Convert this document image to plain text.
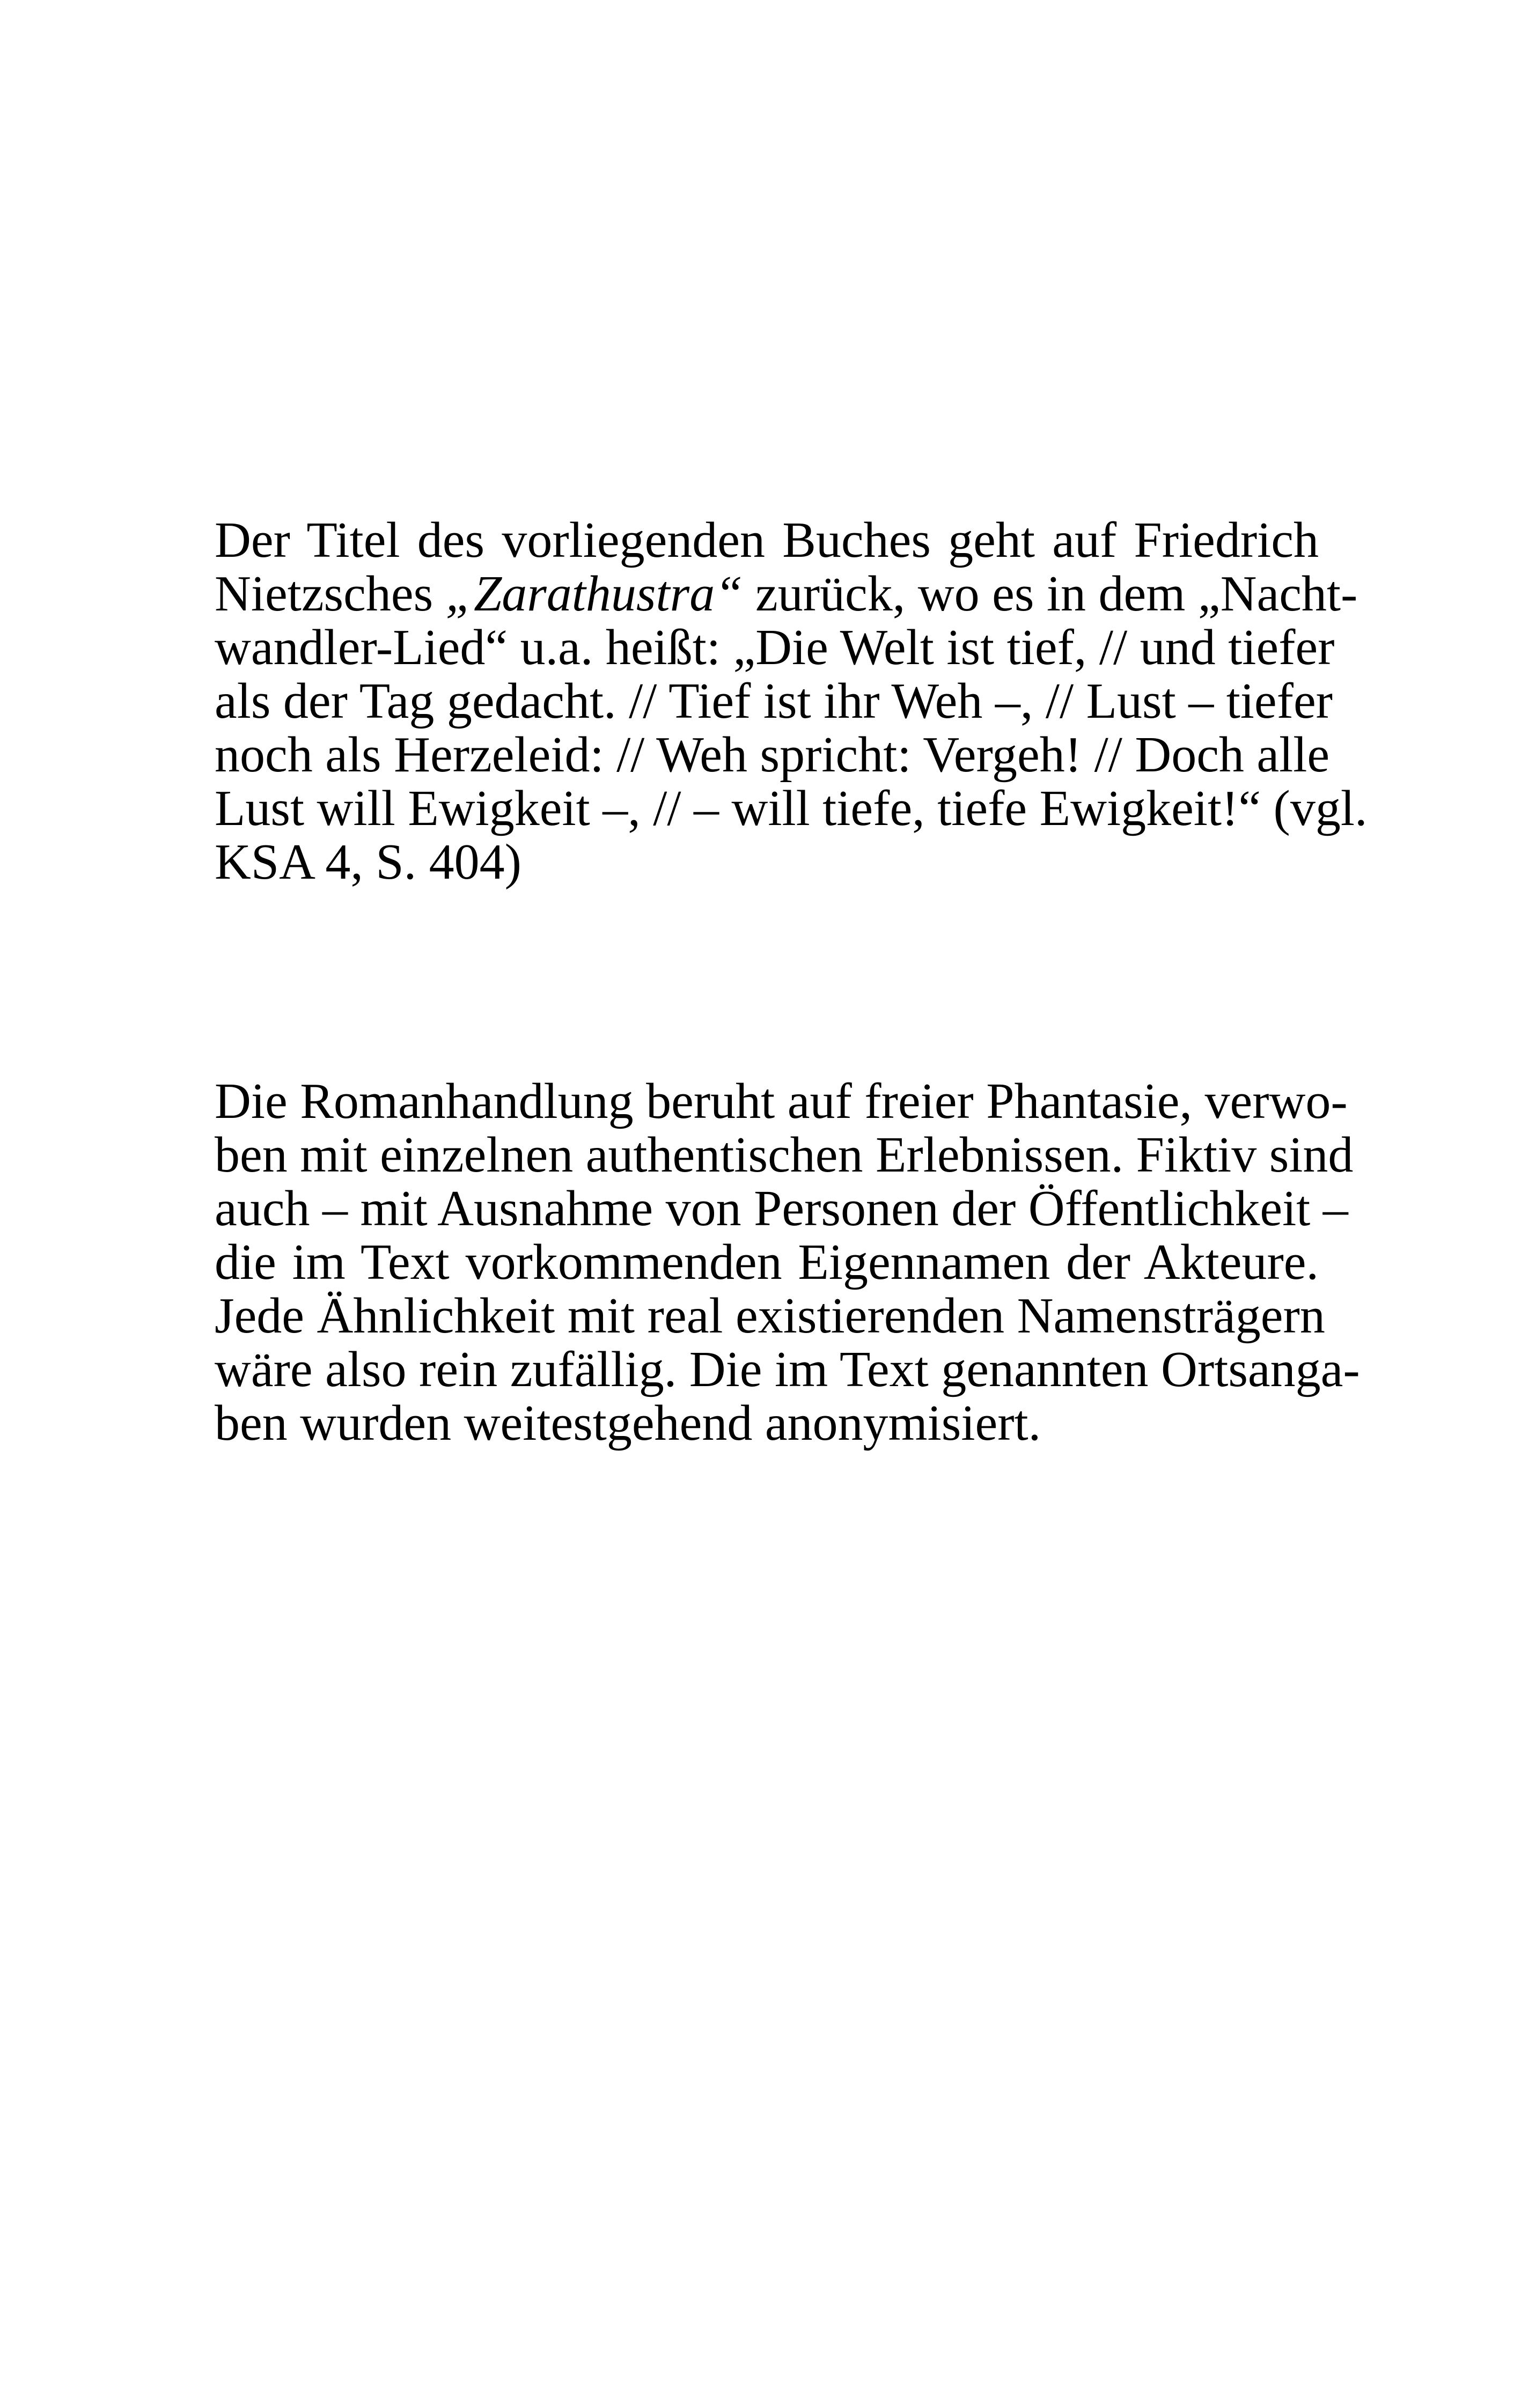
Der Titel des vorliegenden Buches geht auf Friedrich
Nietzsches „Zarathustra“ zurück, wo es in dem „Nacht-
wandler-Lied“ u.a. heißt: „Die Welt ist tief, // und tiefer
als der Tag gedacht. // Tief ist ihr Weh –, // Lust – tiefer
noch als Herzeleid: // Weh spricht: Vergeh! // Doch alle
Lust will Ewigkeit –, // – will tiefe, tiefe Ewigkeit!“ (vgl.
KSA 4, S. 404)

Die Romanhandlung beruht auf freier Phantasie, verwo-
ben mit einzelnen authentischen Erlebnissen. Fiktiv sind
auch – mit Ausnahme von Personen der Öffentlichkeit –
die im Text vorkommenden Eigennamen der Akteure.
Jede Ähnlichkeit mit real existierenden Namensträgern
wäre also rein zufällig. Die im Text genannten Ortsanga-
ben wurden weitestgehend anonymisiert.
